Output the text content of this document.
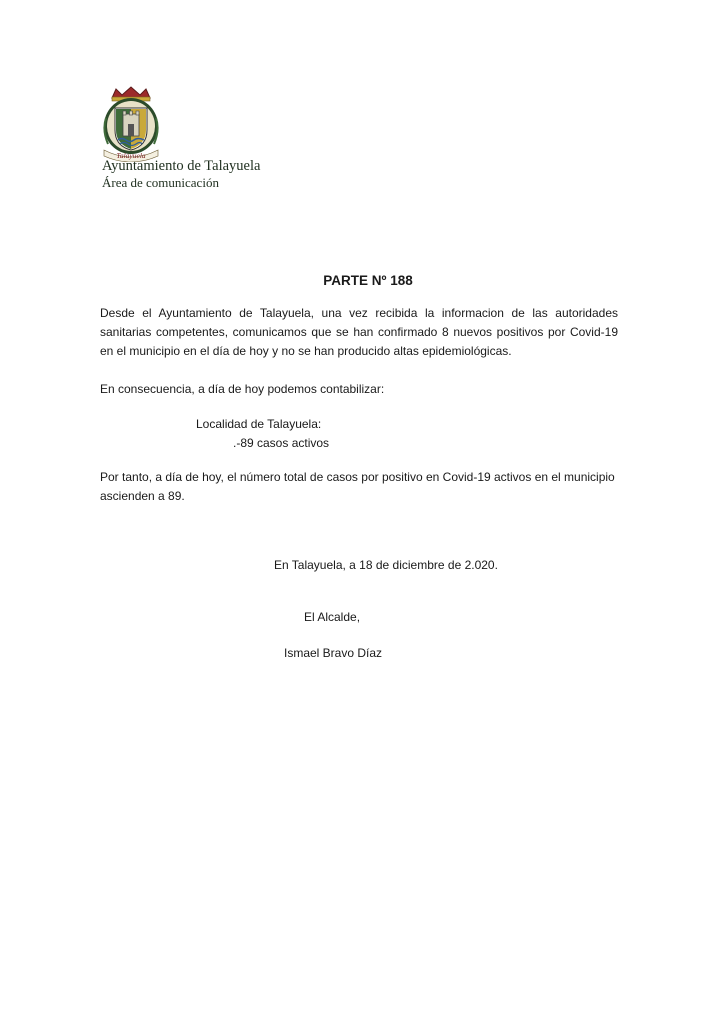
Talayuela
Ayuntamiento de Talayuela
Área de comunicación
PARTE Nº 188
Desde el Ayuntamiento de Talayuela, una vez recibida la informacion de las autoridades sanitarias competentes, comunicamos que se han confirmado 8 nuevos positivos por Covid-19 en el municipio en el día de hoy y no se han producido altas epidemiológicas.
En consecuencia, a día de hoy podemos contabilizar:
Localidad de Talayuela:
.-89 casos activos
Por tanto, a día de hoy, el número total de casos por positivo en Covid-19 activos en el municipio ascienden a 89.
En Talayuela, a 18 de diciembre de 2.020.
El Alcalde,
Ismael Bravo Díaz
